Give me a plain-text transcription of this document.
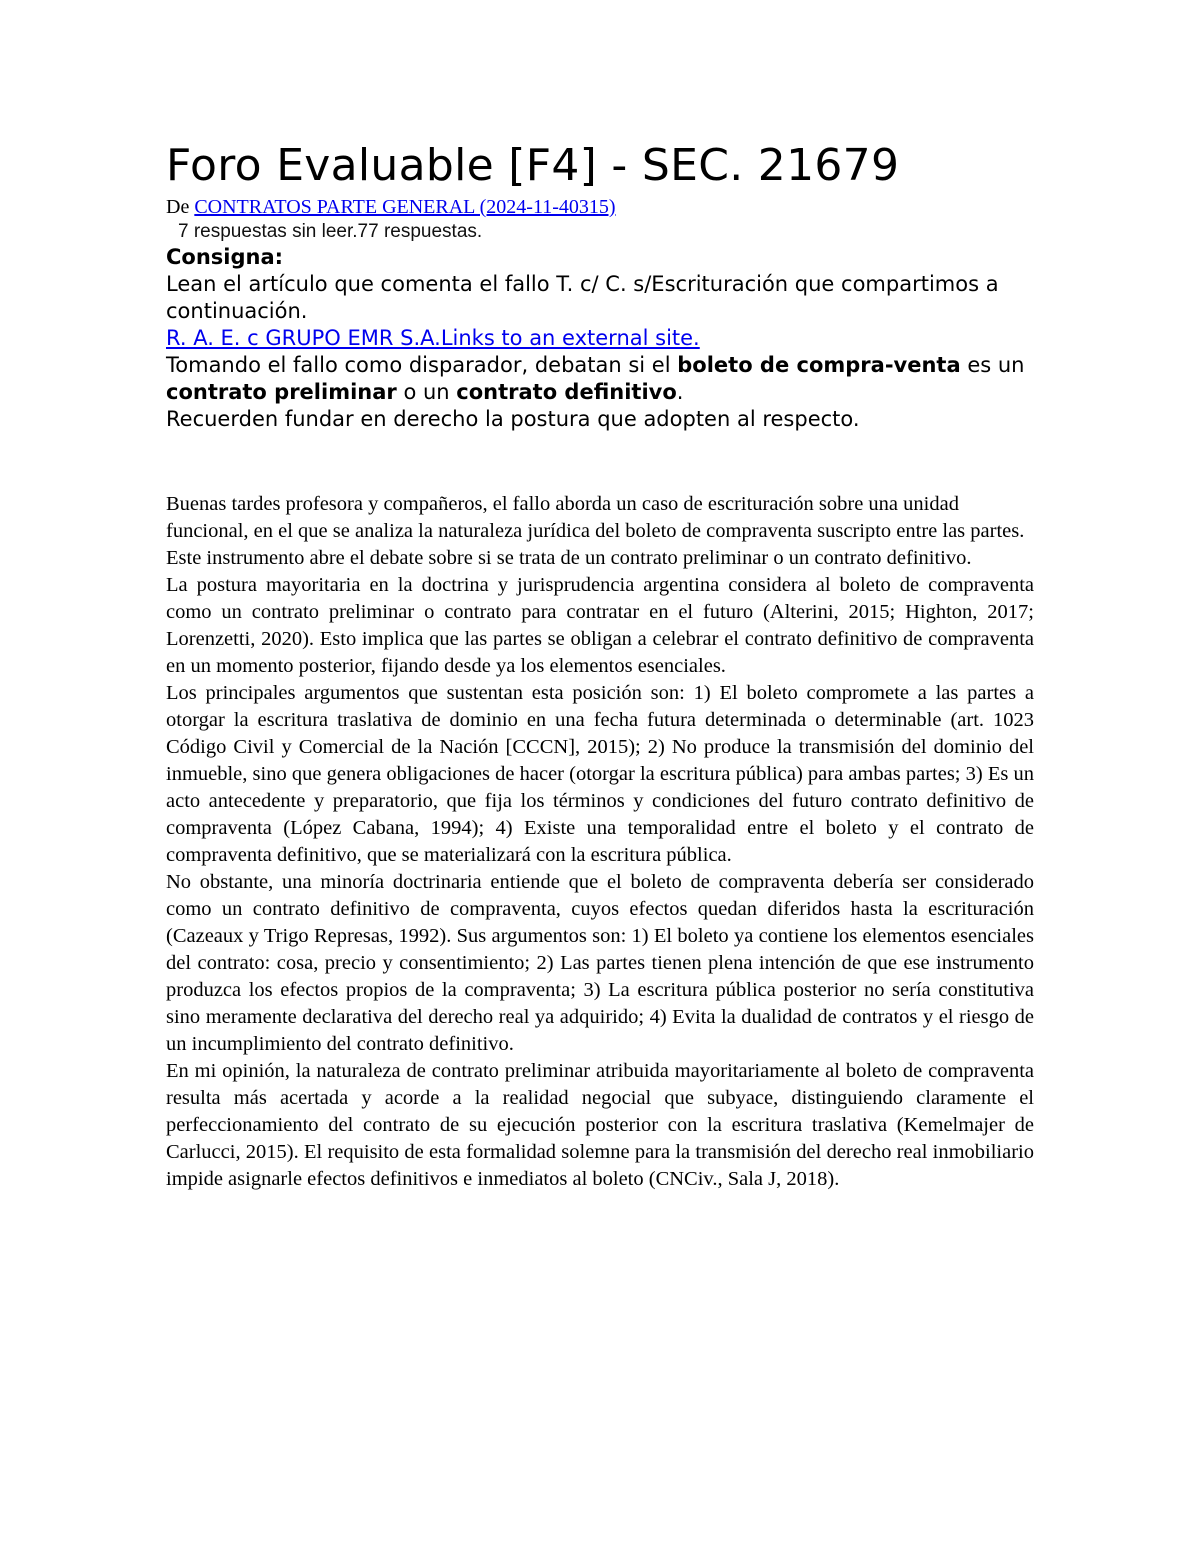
Foro Evaluable [F4] - SEC. 21679

De CONTRATOS PARTE GENERAL (2024-11-40315)

7 respuestas sin leer.77 respuestas.

Consigna:
Lean el artículo que comenta el fallo T. c/ C. s/Escrituración que compartimos a continuación.
R. A. E. c GRUPO EMR S.A.Links to an external site.
Tomando el fallo como disparador, debatan si el boleto de compra-venta es un contrato preliminar o un contrato definitivo.
Recuerden fundar en derecho la postura que adopten al respecto.

Buenas tardes profesora y compañeros, el fallo aborda un caso de escrituración sobre una unidad funcional, en el que se analiza la naturaleza jurídica del boleto de compraventa suscripto entre las partes. Este instrumento abre el debate sobre si se trata de un contrato preliminar o un contrato definitivo.

La postura mayoritaria en la doctrina y jurisprudencia argentina considera al boleto de compraventa como un contrato preliminar o contrato para contratar en el futuro (Alterini, 2015; Highton, 2017; Lorenzetti, 2020). Esto implica que las partes se obligan a celebrar el contrato definitivo de compraventa en un momento posterior, fijando desde ya los elementos esenciales.

Los principales argumentos que sustentan esta posición son: 1) El boleto compromete a las partes a otorgar la escritura traslativa de dominio en una fecha futura determinada o determinable (art. 1023 Código Civil y Comercial de la Nación [CCCN], 2015); 2) No produce la transmisión del dominio del inmueble, sino que genera obligaciones de hacer (otorgar la escritura pública) para ambas partes; 3) Es un acto antecedente y preparatorio, que fija los términos y condiciones del futuro contrato definitivo de compraventa (López Cabana, 1994); 4) Existe una temporalidad entre el boleto y el contrato de compraventa definitivo, que se materializará con la escritura pública.

No obstante, una minoría doctrinaria entiende que el boleto de compraventa debería ser considerado como un contrato definitivo de compraventa, cuyos efectos quedan diferidos hasta la escrituración (Cazeaux y Trigo Represas, 1992). Sus argumentos son: 1) El boleto ya contiene los elementos esenciales del contrato: cosa, precio y consentimiento; 2) Las partes tienen plena intención de que ese instrumento produzca los efectos propios de la compraventa; 3) La escritura pública posterior no sería constitutiva sino meramente declarativa del derecho real ya adquirido; 4) Evita la dualidad de contratos y el riesgo de un incumplimiento del contrato definitivo.

En mi opinión, la naturaleza de contrato preliminar atribuida mayoritariamente al boleto de compraventa resulta más acertada y acorde a la realidad negocial que subyace, distinguiendo claramente el perfeccionamiento del contrato de su ejecución posterior con la escritura traslativa (Kemelmajer de Carlucci, 2015). El requisito de esta formalidad solemne para la transmisión del derecho real inmobiliario impide asignarle efectos definitivos e inmediatos al boleto (CNCiv., Sala J, 2018).
